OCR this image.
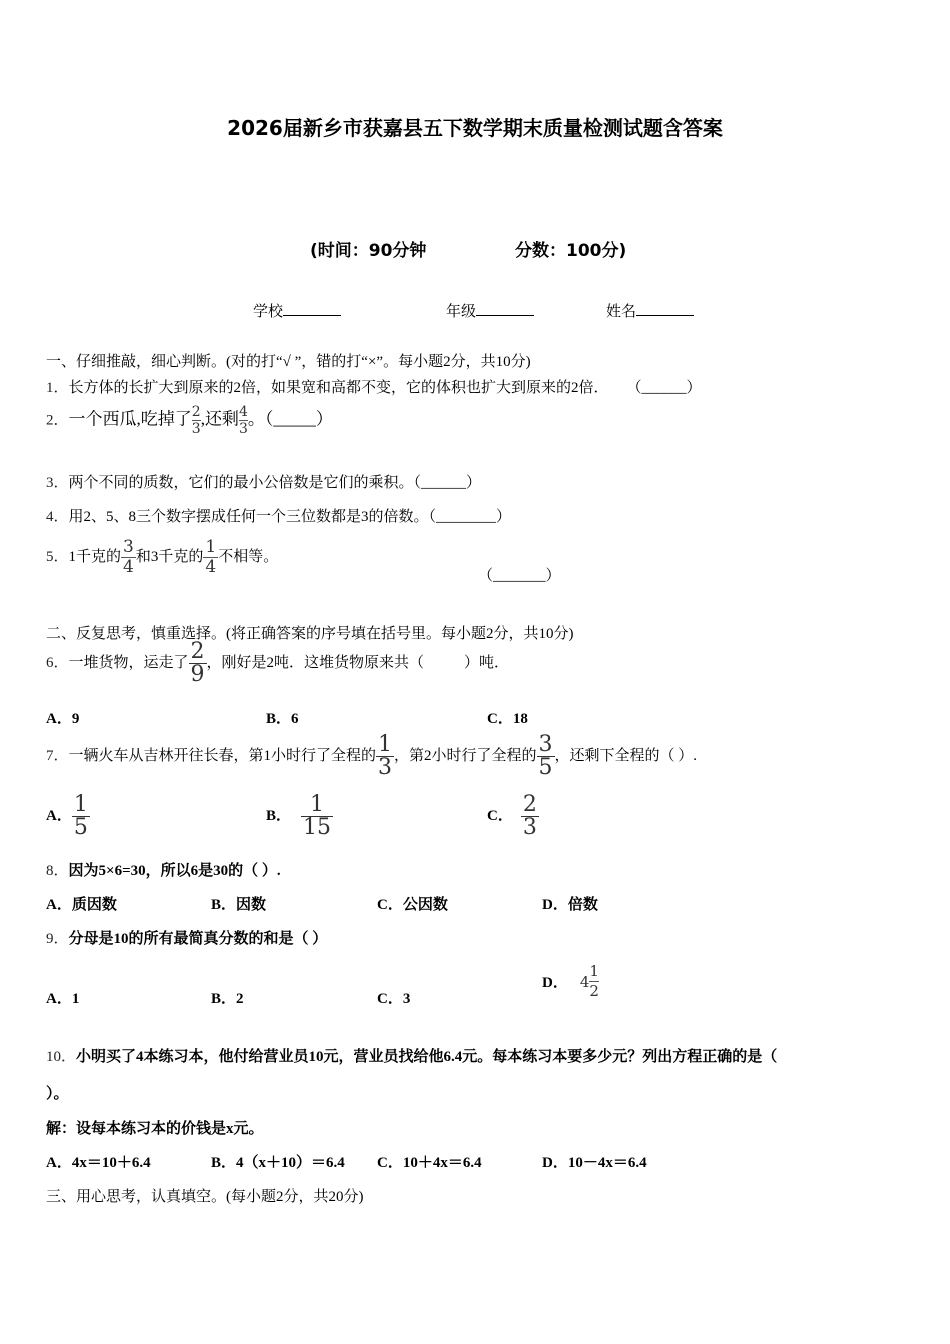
2026届新乡市获嘉县五下数学期末质量检测试题含答案
(时间：90分钟	分数：100分)
学校	年级	姓名
一、仔细推敲，细心判断。(对的打“√ ”，错的打“×”。每小题2分，共10分)
1．长方体的长扩大到原来的2倍，如果宽和高都不变，它的体积也扩大到原来的2倍． （______）
2．一个西瓜,吃掉了 $\frac{2}{3}$ ,还剩 $\frac{4}{3}$ 。（_____）
3．两个不同的质数，它们的最小公倍数是它们的乘积。（______）
4．用2、5、8三个数字摆成任何一个三位数都是3的倍数。（________）
5．1千克的 $\frac{3}{4}$ 和3千克的 $\frac{1}{4}$ 不相等。
（_______）
二、反复思考，慎重选择。(将正确答案的序号填在括号里。每小题2分，共10分)
6．一堆货物，运走了 $\frac{2}{9}$ ，刚好是2吨．这堆货物原来共（	）吨．
A．9	B．6	C．18
7．一辆火车从吉林开往长春，第1小时行了全程的 $\frac{1}{3}$ ，第2小时行了全程的 $\frac{3}{5}$ ，还剩下全程的（ ）.
A． $\frac{1}{5}$	B． $\frac{1}{15}$	C． $\frac{2}{3}$
8．因为5×6=30，所以6是30的（ ）.
A．质因数	B．因数	C．公因数	D．倍数
9．分母是10的所有最简真分数的和是（ ）
A．1	B．2	C．3
D． $4 \frac{1}{2}$
10．小明买了4本练习本，他付给营业员10元，营业员找给他6.4元。每本练习本要多少元？列出方程正确的是（
）。
解：设每本练习本的价钱是x元。
A．4x＝10＋6.4	B．4（x＋10）＝6.4 C．10＋4x＝6.4	D．10－4x＝6.4
三、用心思考，认真填空。(每小题2分，共20分)
